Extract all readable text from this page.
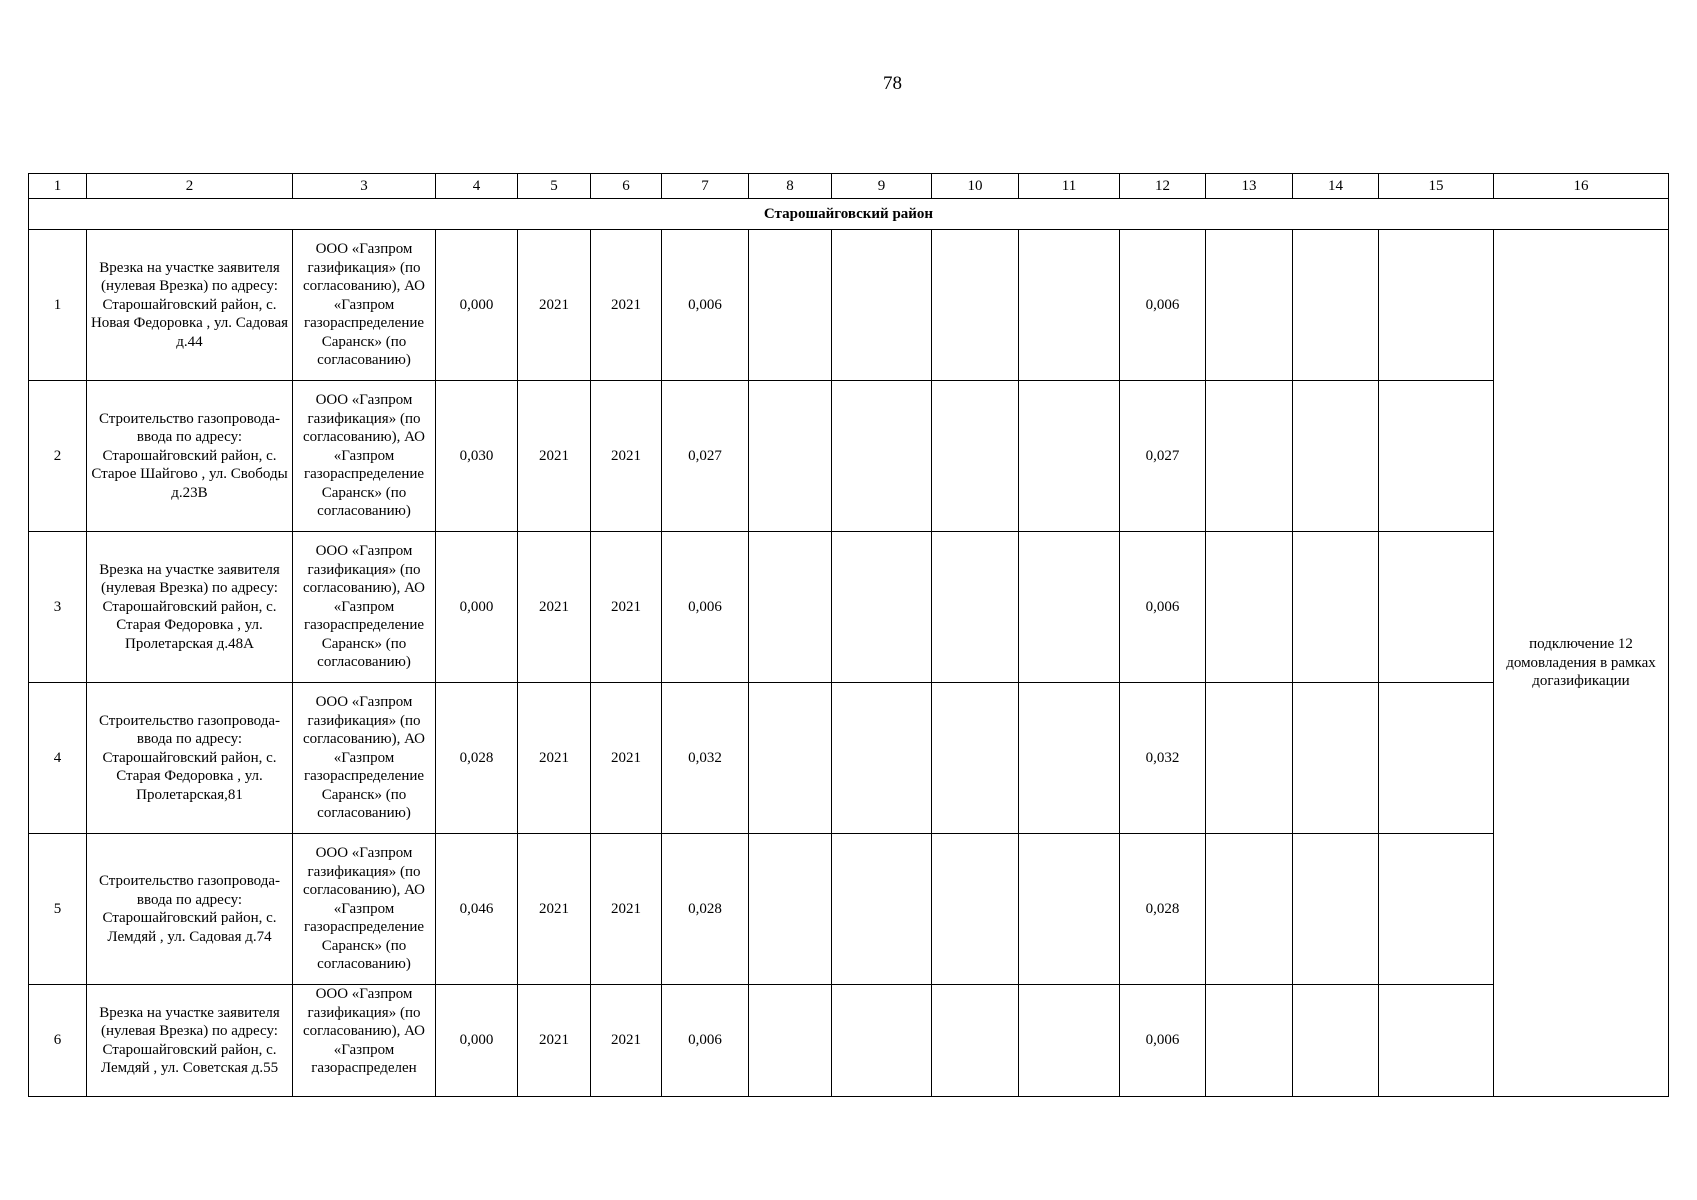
78
1	2	3	4	5	6	7	8	9	10	11	12	13	14	15	16
Старошайговский район															
1	Врезка на участке заявителя (нулевая Врезка) по адресу: Старошайговский район, с. Новая Федоровка , ул. Садовая д.44	ООО «Газпром газификация» (по согласованию), АО «Газпром газораспределение Саранск» (по согласованию)	0,000	2021	2021	0,006					0,006				подключение 12 домовладения в рамках догазификации
2	Строительство газопровода-ввода по адресу: Старошайговский район, с. Старое Шайгово , ул. Свободы д.23В	ООО «Газпром газификация» (по согласованию), АО «Газпром газораспределение Саранск» (по согласованию)	0,030	2021	2021	0,027					0,027				
3	Врезка на участке заявителя (нулевая Врезка) по адресу: Старошайговский район, с. Старая Федоровка , ул. Пролетарская д.48А	ООО «Газпром газификация» (по согласованию), АО «Газпром газораспределение Саранск» (по согласованию)	0,000	2021	2021	0,006					0,006				
4	Строительство газопровода-ввода по адресу: Старошайговский район, с. Старая Федоровка , ул. Пролетарская,81	ООО «Газпром газификация» (по согласованию), АО «Газпром газораспределение Саранск» (по согласованию)	0,028	2021	2021	0,032					0,032				
5	Строительство газопровода-ввода по адресу: Старошайговский район, с. Лемдяй , ул. Садовая д.74	ООО «Газпром газификация» (по согласованию), АО «Газпром газораспределение Саранск» (по согласованию)	0,046	2021	2021	0,028					0,028				
6	Врезка на участке заявителя (нулевая Врезка) по адресу: Старошайговский район, с. Лемдяй , ул. Советская д.55	ООО «Газпром газификация» (по согласованию), АО «Газпром газораспределен	0,000	2021	2021	0,006					0,006				
